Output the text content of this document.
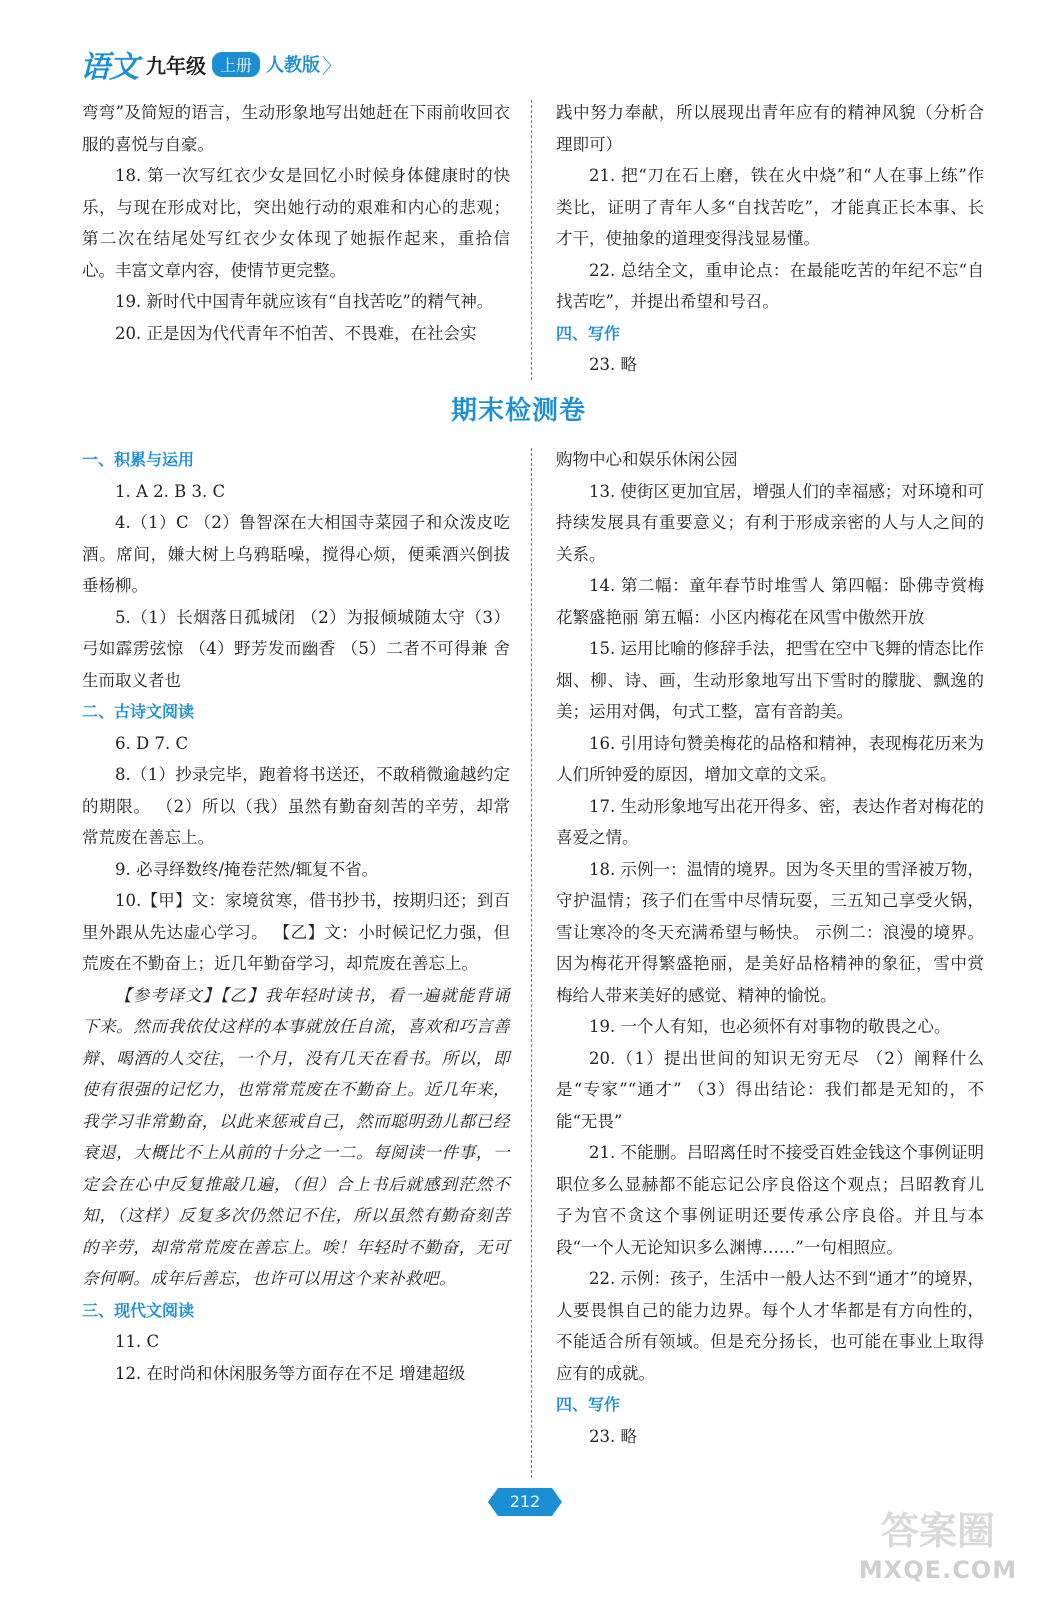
语文 九年级 上册 人教版 〉

弯弯”及简短的语言，生动形象地写出她赶在下雨前收回衣服的喜悦与自豪。

18. 第一次写红衣少女是回忆小时候身体健康时的快乐，与现在形成对比，突出她行动的艰难和内心的悲观；第二次在结尾处写红衣少女体现了她振作起来，重拾信心。丰富文章内容，使情节更完整。

19. 新时代中国青年就应该有“自找苦吃”的精气神。

20. 正是因为代代青年不怕苦、不畏难，在社会实

践中努力奉献，所以展现出青年应有的精神风貌（分析合理即可）

21. 把“刀在石上磨，铁在火中烧”和“人在事上练”作类比，证明了青年人多“自找苦吃”，才能真正长本事、长才干，使抽象的道理变得浅显易懂。

22. 总结全文，重申论点：在最能吃苦的年纪不忘“自找苦吃”，并提出希望和号召。

四、写作

23. 略

期末检测卷

一、积累与运用

1. A 2. B 3. C

4.（1）C （2）鲁智深在大相国寺菜园子和众泼皮吃酒。席间，嫌大树上乌鸦聒噪，搅得心烦，便乘酒兴倒拔垂杨柳。

5.（1）长烟落日孤城闭 （2）为报倾城随太守（3）弓如霹雳弦惊 （4）野芳发而幽香 （5）二者不可得兼 舍生而取义者也

二、古诗文阅读

6. D 7. C

8.（1）抄录完毕，跑着将书送还，不敢稍微逾越约定的期限。 （2）所以（我）虽然有勤奋刻苦的辛劳，却常常荒废在善忘上。

9. 必寻绎数终/掩卷茫然/辄复不省。

10.【甲】文：家境贫寒，借书抄书，按期归还；到百里外跟从先达虚心学习。 【乙】文：小时候记忆力强，但荒废在不勤奋上；近几年勤奋学习，却荒废在善忘上。

【参考译文】【乙】我年轻时读书，看一遍就能背诵下来。然而我依仗这样的本事就放任自流，喜欢和巧言善辩、喝酒的人交往，一个月，没有几天在看书。所以，即使有很强的记忆力，也常常荒废在不勤奋上。近几年来，我学习非常勤奋，以此来惩戒自己，然而聪明劲儿都已经衰退，大概比不上从前的十分之一二。每阅读一件事，一定会在心中反复推敲几遍，（但）合上书后就感到茫然不知，（这样）反复多次仍然记不住，所以虽然有勤奋刻苦的辛劳，却常常荒废在善忘上。唉！年轻时不勤奋，无可奈何啊。成年后善忘，也许可以用这个来补救吧。

三、现代文阅读

11. C

12. 在时尚和休闲服务等方面存在不足 增建超级

购物中心和娱乐休闲公园

13. 使街区更加宜居，增强人们的幸福感；对环境和可持续发展具有重要意义；有利于形成亲密的人与人之间的关系。

14. 第二幅：童年春节时堆雪人 第四幅：卧佛寺赏梅花繁盛艳丽 第五幅：小区内梅花在风雪中傲然开放

15. 运用比喻的修辞手法，把雪在空中飞舞的情态比作烟、柳、诗、画，生动形象地写出下雪时的朦胧、飘逸的美；运用对偶，句式工整，富有音韵美。

16. 引用诗句赞美梅花的品格和精神，表现梅花历来为人们所钟爱的原因，增加文章的文采。

17. 生动形象地写出花开得多、密，表达作者对梅花的喜爱之情。

18. 示例一：温情的境界。因为冬天里的雪泽被万物，守护温情；孩子们在雪中尽情玩耍，三五知己享受火锅，雪让寒冷的冬天充满希望与畅快。 示例二：浪漫的境界。因为梅花开得繁盛艳丽，是美好品格精神的象征，雪中赏梅给人带来美好的感觉、精神的愉悦。

19. 一个人有知，也必须怀有对事物的敬畏之心。

20.（1）提出世间的知识无穷无尽 （2）阐释什么是“专家”“通才” （3）得出结论：我们都是无知的，不能“无畏”

21. 不能删。吕昭离任时不接受百姓金钱这个事例证明职位多么显赫都不能忘记公序良俗这个观点；吕昭教育儿子为官不贪这个事例证明还要传承公序良俗。并且与本段“一个人无论知识多么渊博……”一句相照应。

22. 示例：孩子，生活中一般人达不到“通才”的境界，人要畏惧自己的能力边界。每个人才华都是有方向性的，不能适合所有领域。但是充分扬长，也可能在事业上取得应有的成就。

四、写作

23. 略

212
答案圈
MXQE.COM
